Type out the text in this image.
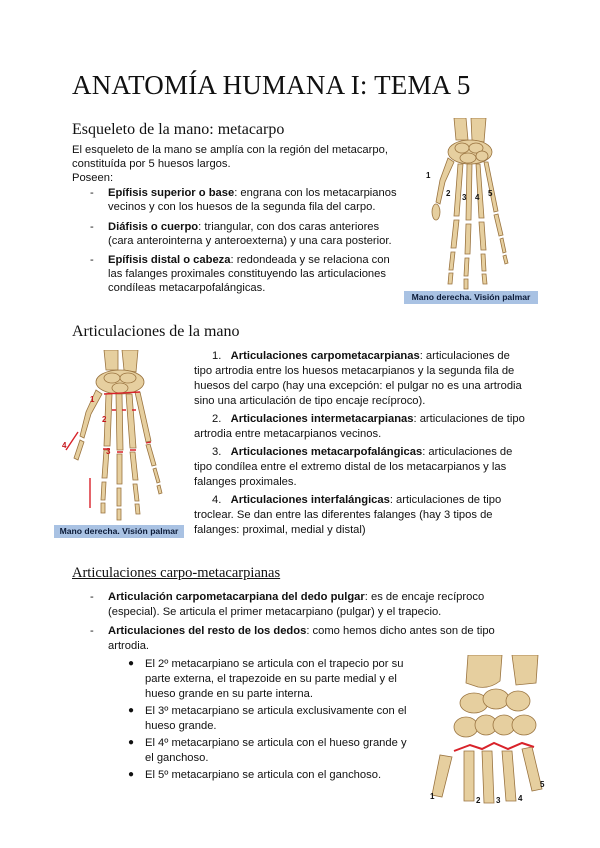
ANATOMÍA HUMANA I: TEMA 5
Esqueleto de la mano: metacarpo
El esqueleto de la mano se amplía con la región del metacarpo,
constituída por 5 huesos largos.
Poseen:
-	Epífisis superior o base: engrana con los metacarpianos
vecinos y con los huesos de la segunda fila del carpo.
-	Diáfisis o cuerpo: triangular, con dos caras anteriores
(cara anterointerna y anteroexterna) y una cara posterior.
-	Epífisis distal o cabeza: redondeada y se relaciona con
las falanges proximales constituyendo las articulaciones
condíleas metacarpofalángicas.
1
2 3 4 5
Mano derecha. Visión palmar
Articulaciones de la mano
1
2
3
4
Mano derecha. Visión palmar
1. Articulaciones carpometacarpianas: articulaciones de
tipo artrodia entre los huesos metacarpianos y la segunda fila de
huesos del carpo (hay una excepción: el pulgar no es una artrodia
sino una articulación de tipo encaje recíproco).
2. Articulaciones intermetacarpianas: articulaciones de tipo
artrodia entre metacarpianos vecinos.
3. Articulaciones metacarpofalángicas: articulaciones de
tipo condílea entre el extremo distal de los metacarpianos y las
falanges proximales.
4. Articulaciones interfalángicas: articulaciones de tipo
troclear. Se dan entre las diferentes falanges (hay 3 tipos de
falanges: proximal, medial y distal)
Articulaciones carpo-metacarpianas
-	Articulación carpometacarpiana del dedo pulgar: es de encaje recíproco
(especial). Se articula el primer metacarpiano (pulgar) y el trapecio.
-	Articulaciones del resto de los dedos: como hemos dicho antes son de tipo
artrodia.
● El 2º metacarpiano se articula con el trapecio por su
parte externa, el trapezoide en su parte medial y el
hueso grande en su parte interna.
● El 3º metacarpiano se articula exclusivamente con el
hueso grande.
● El 4º metacarpiano se articula con el hueso grande y
el ganchoso.
● El 5º metacarpiano se articula con el ganchoso.
1	2 3 4
5
